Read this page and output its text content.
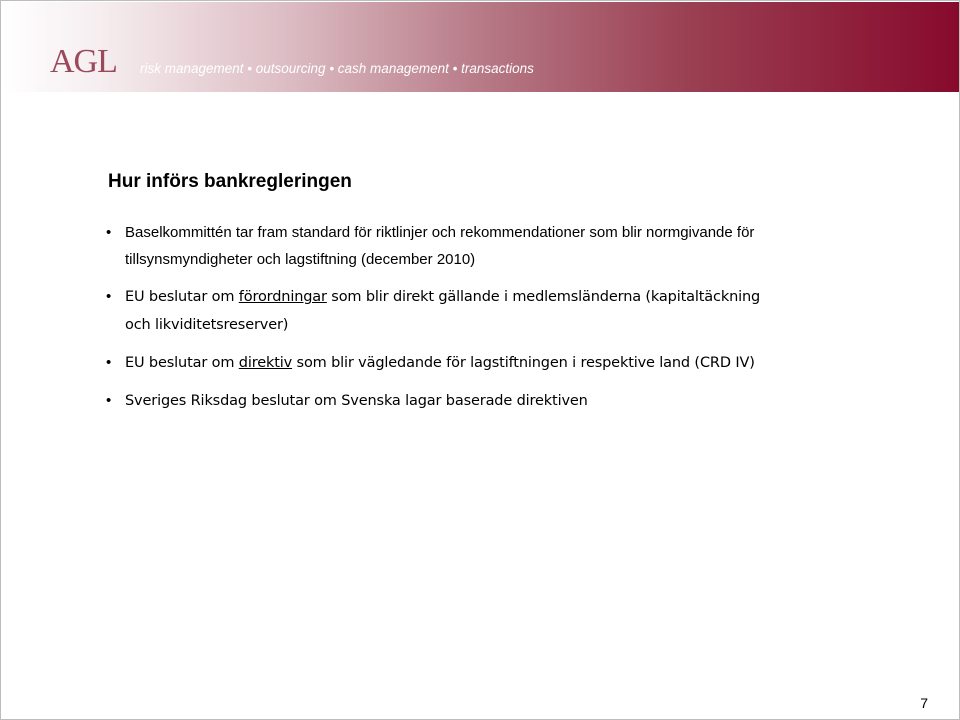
AGL risk management • outsourcing • cash management • transactions
Hur införs bankregleringen
• Baselkommittén tar fram standard för riktlinjer och rekommendationer som blir normgivande för tillsynsmyndigheter och lagstiftning (december 2010)
• EU beslutar om förordningar som blir direkt gällande i medlemsländerna (kapitaltäckning och likviditetsreserver)
• EU beslutar om direktiv som blir vägledande för lagstiftningen i respektive land (CRD IV)
• Sveriges Riksdag beslutar om Svenska lagar baserade direktiven
7
